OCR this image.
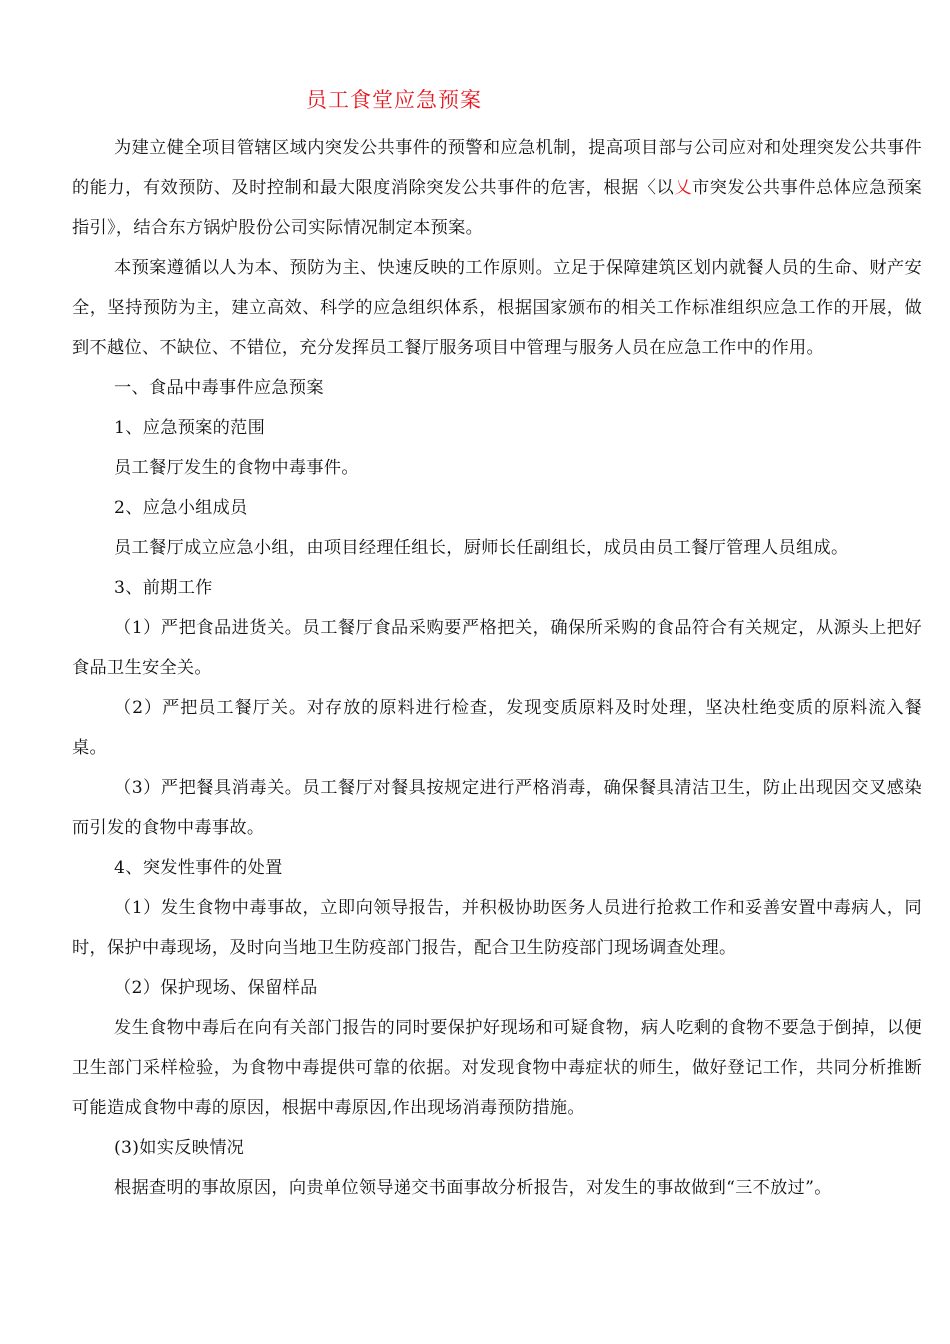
员工食堂应急预案

为建立健全项目管辖区域内突发公共事件的预警和应急机制，提高项目部与公司应对和处理突发公共事件的能力，有效预防、及时控制和最大限度消除突发公共事件的危害，根据〈以乂市突发公共事件总体应急预案指引》，结合东方锅炉股份公司实际情况制定本预案。

本预案遵循以人为本、预防为主、快速反映的工作原则。立足于保障建筑区划内就餐人员的生命、财产安全，坚持预防为主，建立高效、科学的应急组织体系，根据国家颁布的相关工作标准组织应急工作的开展，做到不越位、不缺位、不错位，充分发挥员工餐厅服务项目中管理与服务人员在应急工作中的作用。

一、食品中毒事件应急预案

1、应急预案的范围

员工餐厅发生的食物中毒事件。

2、应急小组成员

员工餐厅成立应急小组，由项目经理任组长，厨师长任副组长，成员由员工餐厅管理人员组成。

3、前期工作

（1）严把食品进货关。员工餐厅食品采购要严格把关，确保所采购的食品符合有关规定，从源头上把好食品卫生安全关。

（2）严把员工餐厅关。对存放的原料进行检查，发现变质原料及时处理，坚决杜绝变质的原料流入餐桌。

（3）严把餐具消毒关。员工餐厅对餐具按规定进行严格消毒，确保餐具清洁卫生，防止出现因交叉感染而引发的食物中毒事故。

4、突发性事件的处置

（1）发生食物中毒事故，立即向领导报告，并积极协助医务人员进行抢救工作和妥善安置中毒病人，同时，保护中毒现场，及时向当地卫生防疫部门报告，配合卫生防疫部门现场调查处理。

（2）保护现场、保留样品

发生食物中毒后在向有关部门报告的同时要保护好现场和可疑食物，病人吃剩的食物不要急于倒掉，以便卫生部门采样检验，为食物中毒提供可靠的依据。对发现食物中毒症状的师生，做好登记工作，共同分析推断可能造成食物中毒的原因，根据中毒原因,作出现场消毒预防措施。

(3)如实反映情况

根据查明的事故原因，向贵单位领导递交书面事故分析报告，对发生的事故做到“三不放过”。
